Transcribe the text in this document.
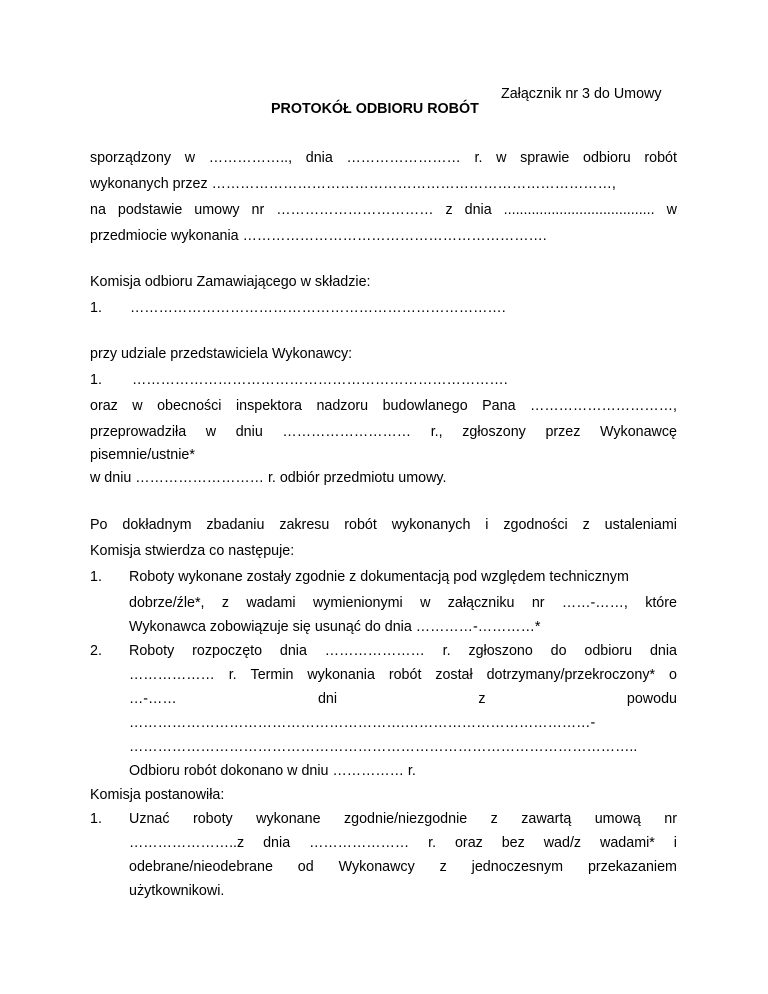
Załącznik nr 3 do Umowy
PROTOKÓŁ ODBIORU ROBÓT
sporządzony w …………….., dnia …………………… r. w sprawie odbioru robót
wykonanych przez …………………………………………………………………………,
na podstawie umowy nr …………………………… z dnia ...................................... w
przedmiocie wykonania ……………………………………………………….
Komisja odbioru Zamawiającego w składzie:
1. …………………………………………………………………….
przy udziale przedstawiciela Wykonawcy:
1. …………………………………………………………………….
oraz w obecności inspektora nadzoru budowlanego Pana …………………………,
przeprowadziła w dniu ……………………… r., zgłoszony przez Wykonawcę
pisemnie/ustnie*
w dniu ……………………… r. odbiór przedmiotu umowy.
Po dokładnym zbadaniu zakresu robót wykonanych i zgodności z ustaleniami
Komisja stwierdza co następuje:
1. Roboty wykonane zostały zgodnie z dokumentacją pod względem technicznym
dobrze/źle*, z wadami wymienionymi w załączniku nr ……-……, które
Wykonawca zobowiązuje się usunąć do dnia …………-…………*
2. Roboty rozpoczęto dnia ………………… r. zgłoszono do odbioru dnia
……………… r. Termin wykonania robót został dotrzymany/przekroczony* o
…-……	dni	z	powodu
………………………………………………….…………………………………-
……………………………………………………………………………………………..
Odbioru robót dokonano w dniu …………… r.
Komisja postanowiła:
1. Uznać roboty wykonane zgodnie/niezgodnie z zawartą umową nr
…………………..z dnia ………………… r. oraz bez wad/z wadami* i
odebrane/nieodebrane od Wykonawcy z jednoczesnym przekazaniem
użytkownikowi.
